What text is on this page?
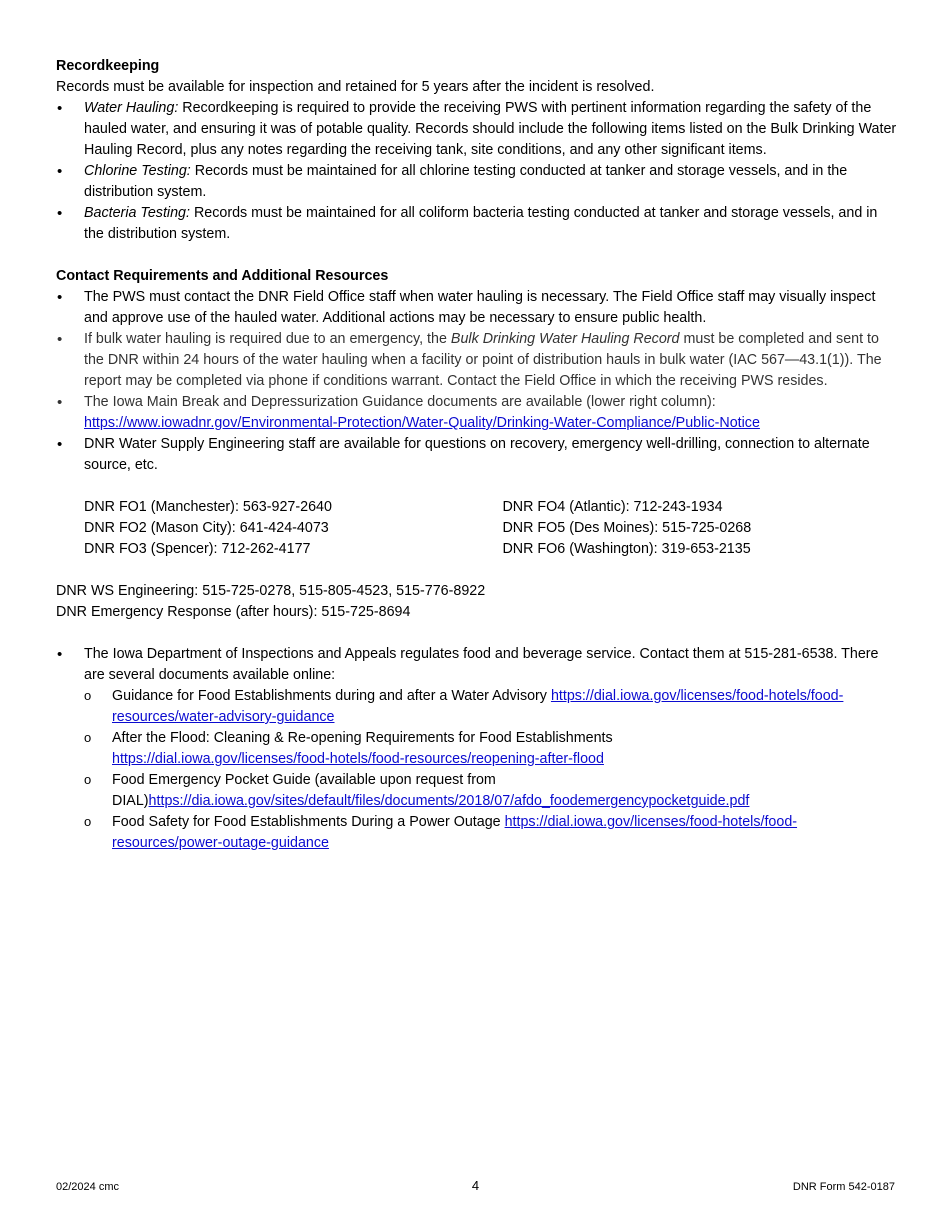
Recordkeeping
Records must be available for inspection and retained for 5 years after the incident is resolved.
• Water Hauling: Recordkeeping is required to provide the receiving PWS with pertinent information regarding the safety of the hauled water, and ensuring it was of potable quality. Records should include the following items listed on the Bulk Drinking Water Hauling Record, plus any notes regarding the receiving tank, site conditions, and any other significant items.
• Chlorine Testing: Records must be maintained for all chlorine testing conducted at tanker and storage vessels, and in the distribution system.
• Bacteria Testing: Records must be maintained for all coliform bacteria testing conducted at tanker and storage vessels, and in the distribution system.
Contact Requirements and Additional Resources
• The PWS must contact the DNR Field Office staff when water hauling is necessary. The Field Office staff may visually inspect and approve use of the hauled water. Additional actions may be necessary to ensure public health.
• If bulk water hauling is required due to an emergency, the Bulk Drinking Water Hauling Record must be completed and sent to the DNR within 24 hours of the water hauling when a facility or point of distribution hauls in bulk water (IAC 567—43.1(1)). The report may be completed via phone if conditions warrant. Contact the Field Office in which the receiving PWS resides.
• The Iowa Main Break and Depressurization Guidance documents are available (lower right column):
https://www.iowadnr.gov/Environmental-Protection/Water-Quality/Drinking-Water-Compliance/Public-Notice
• DNR Water Supply Engineering staff are available for questions on recovery, emergency well-drilling, connection to alternate source, etc.
DNR FO1 (Manchester): 563-927-2640
DNR FO2 (Mason City): 641-424-4073
DNR FO3 (Spencer): 712-262-4177
DNR FO4 (Atlantic): 712-243-1934
DNR FO5 (Des Moines): 515-725-0268
DNR FO6 (Washington): 319-653-2135
DNR WS Engineering: 515-725-0278, 515-805-4523, 515-776-8922
DNR Emergency Response (after hours): 515-725-8694
• The Iowa Department of Inspections and Appeals regulates food and beverage service. Contact them at 515-281-6538. There are several documents available online:
o Guidance for Food Establishments during and after a Water Advisory https://dial.iowa.gov/licenses/food-hotels/food-resources/water-advisory-guidance
o After the Flood: Cleaning & Re-opening Requirements for Food Establishments
https://dial.iowa.gov/licenses/food-hotels/food-resources/reopening-after-flood
o Food Emergency Pocket Guide (available upon request from DIAL)https://dia.iowa.gov/sites/default/files/documents/2018/07/afdo_foodemergencypocketguide.pdf
o Food Safety for Food Establishments During a Power Outage https://dial.iowa.gov/licenses/food-hotels/food-resources/power-outage-guidance
02/2024 cmc	4	DNR Form 542-0187
